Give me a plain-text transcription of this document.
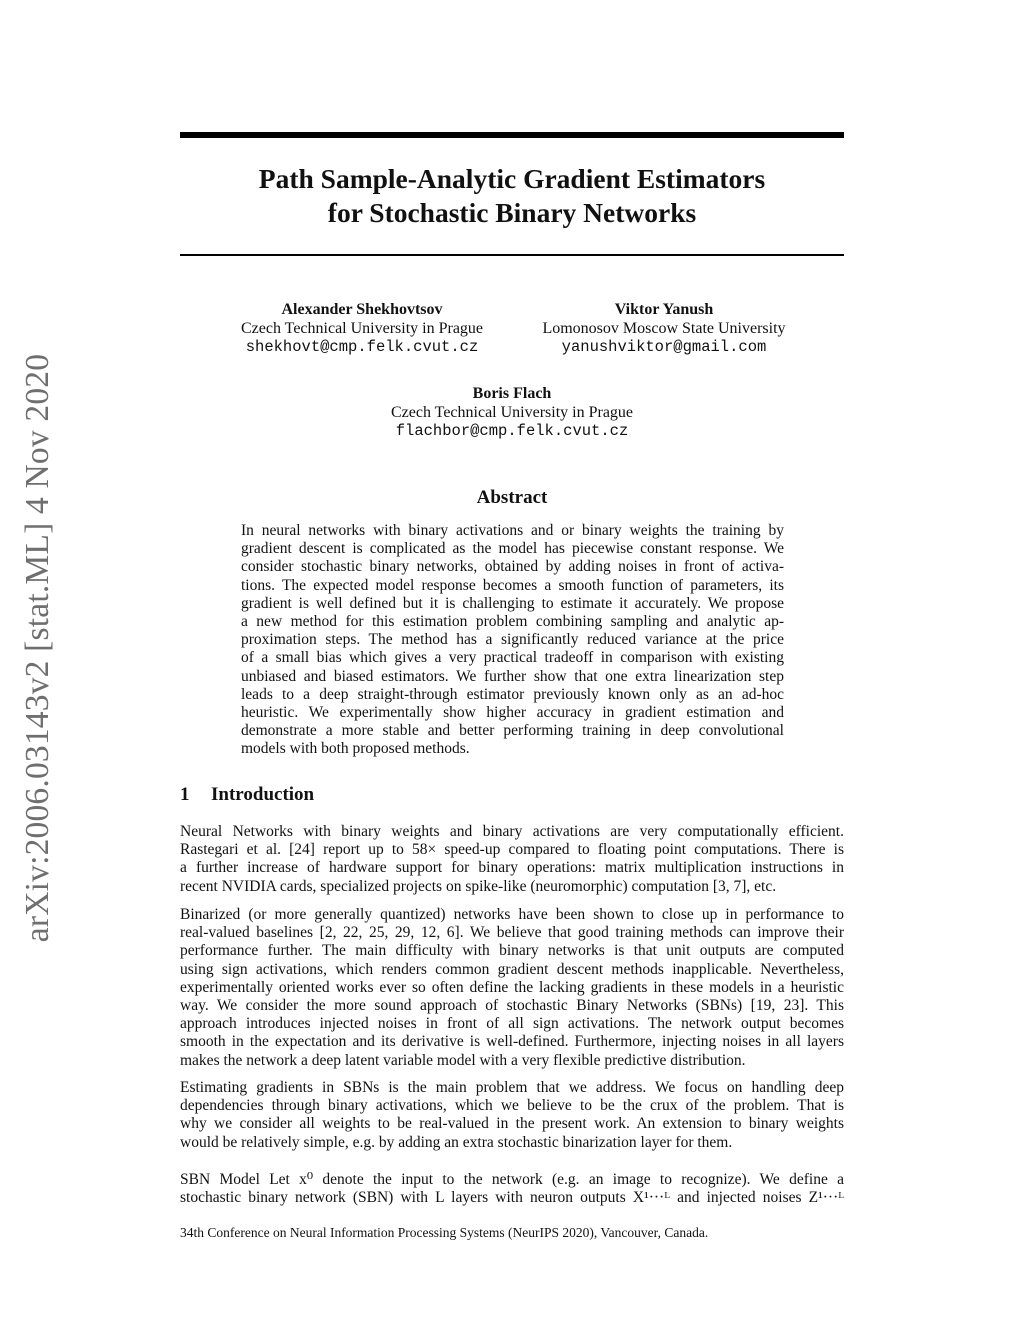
arXiv:2006.03143v2 [stat.ML] 4 Nov 2020
Path Sample-Analytic Gradient Estimators
for Stochastic Binary Networks
Alexander Shekhovtsov
Czech Technical University in Prague
shekhovt@cmp.felk.cvut.cz
Viktor Yanush
Lomonosov Moscow State University
yanushviktor@gmail.com
Boris Flach
Czech Technical University in Prague
flachbor@cmp.felk.cvut.cz
Abstract
In neural networks with binary activations and or binary weights the training by
gradient descent is complicated as the model has piecewise constant response. We
consider stochastic binary networks, obtained by adding noises in front of activa-
tions. The expected model response becomes a smooth function of parameters, its
gradient is well defined but it is challenging to estimate it accurately. We propose
a new method for this estimation problem combining sampling and analytic ap-
proximation steps. The method has a significantly reduced variance at the price
of a small bias which gives a very practical tradeoff in comparison with existing
unbiased and biased estimators. We further show that one extra linearization step
leads to a deep straight-through estimator previously known only as an ad-hoc
heuristic. We experimentally show higher accuracy in gradient estimation and
demonstrate a more stable and better performing training in deep convolutional
models with both proposed methods.
1 Introduction
Neural Networks with binary weights and binary activations are very computationally efficient.
Rastegari et al. [24] report up to 58× speed-up compared to floating point computations. There is
a further increase of hardware support for binary operations: matrix multiplication instructions in
recent NVIDIA cards, specialized projects on spike-like (neuromorphic) computation [3, 7], etc.
Binarized (or more generally quantized) networks have been shown to close up in performance to
real-valued baselines [2, 22, 25, 29, 12, 6]. We believe that good training methods can improve their
performance further. The main difficulty with binary networks is that unit outputs are computed
using sign activations, which renders common gradient descent methods inapplicable. Nevertheless,
experimentally oriented works ever so often define the lacking gradients in these models in a heuristic
way. We consider the more sound approach of stochastic Binary Networks (SBNs) [19, 23]. This
approach introduces injected noises in front of all sign activations. The network output becomes
smooth in the expectation and its derivative is well-defined. Furthermore, injecting noises in all layers
makes the network a deep latent variable model with a very flexible predictive distribution.
Estimating gradients in SBNs is the main problem that we address. We focus on handling deep
dependencies through binary activations, which we believe to be the crux of the problem. That is
why we consider all weights to be real-valued in the present work. An extension to binary weights
would be relatively simple, e.g. by adding an extra stochastic binarization layer for them.
SBN Model Let x⁰ denote the input to the network (e.g. an image to recognize). We define a
stochastic binary network (SBN) with L layers with neuron outputs X¹···ᴸ and injected noises Z¹···ᴸ
34th Conference on Neural Information Processing Systems (NeurIPS 2020), Vancouver, Canada.
